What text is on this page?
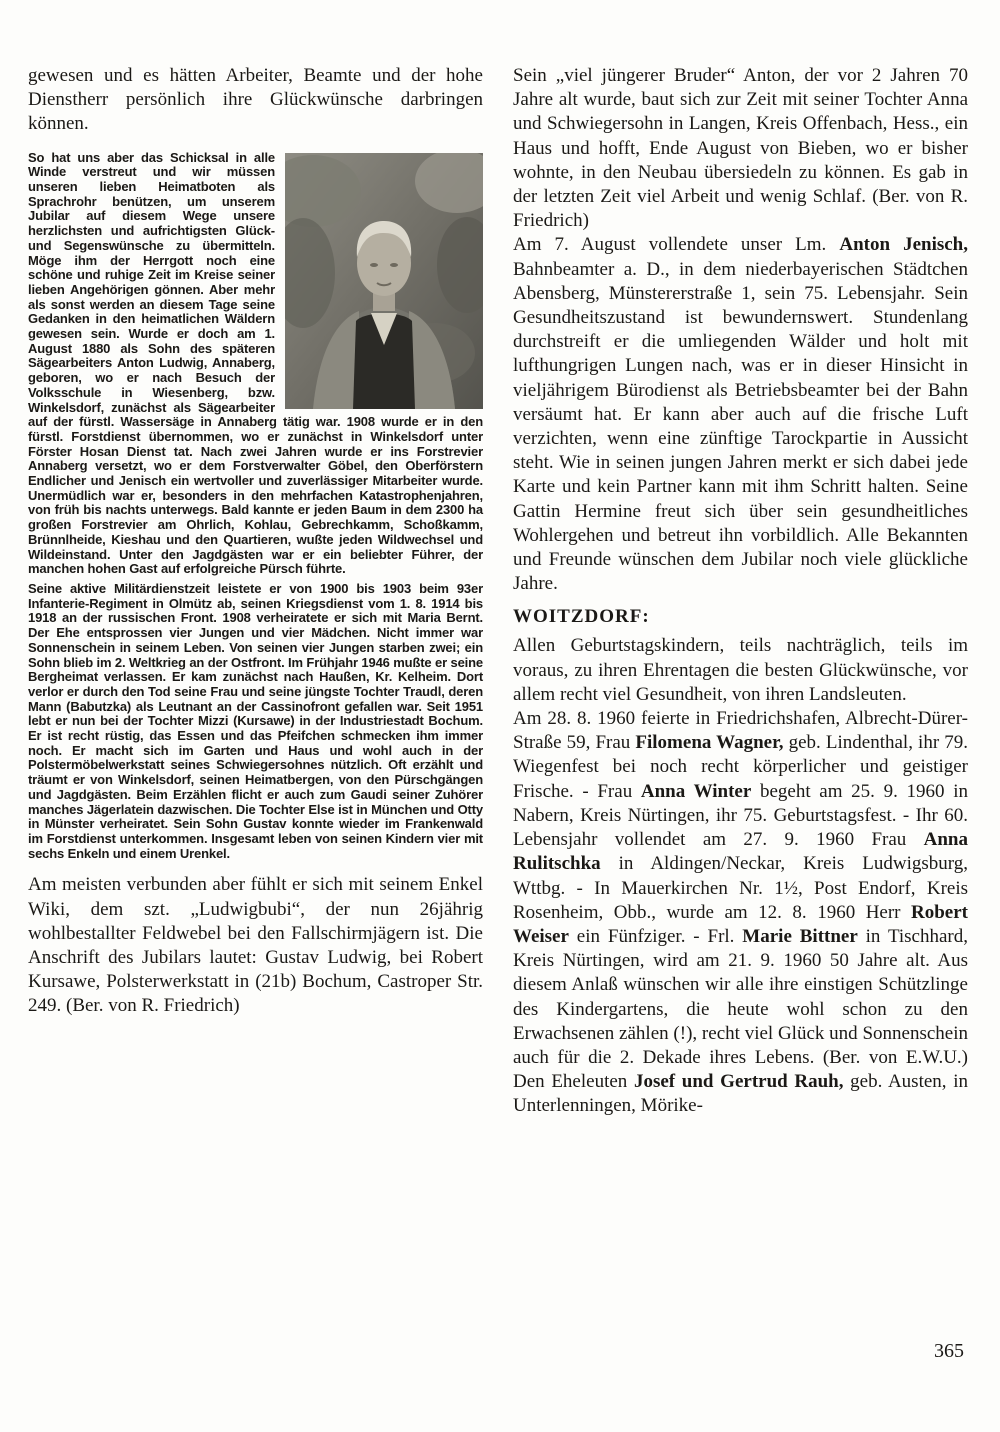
gewesen und es hätten Arbeiter, Beamte und der hohe Dienstherr persönlich ihre Glückwünsche darbringen können.

So hat uns aber das Schicksal in alle Winde verstreut und wir müssen unseren lieben Heimatboten als Sprachrohr benützen, um unserem Jubilar auf diesem Wege unsere herzlichsten und aufrichtigsten Glück- und Segenswünsche zu übermitteln. Möge ihm der Herrgott noch eine schöne und ruhige Zeit im Kreise seiner lieben Angehörigen gönnen. Aber mehr als sonst werden an diesem Tage seine Gedanken in den heimatlichen Wäldern gewesen sein. Wurde er doch am 1. August 1880 als Sohn des späteren Sägearbeiters Anton Ludwig, Annaberg, geboren, wo er nach Besuch der Volksschule in Wiesenberg, bzw. Winkelsdorf, zunächst als Sägearbeiter auf der fürstl. Wassersäge in Annaberg tätig war. 1908 wurde er in den fürstl. Forstdienst übernommen, wo er zunächst in Winkelsdorf unter Förster Hosan Dienst tat. Nach zwei Jahren wurde er ins Forstrevier Annaberg versetzt, wo er dem Forstverwalter Göbel, den Oberförstern Endlicher und Jenisch ein wertvoller und zuverlässiger Mitarbeiter wurde. Unermüdlich war er, besonders in den mehrfachen Katastrophenjahren, von früh bis nachts unterwegs. Bald kannte er jeden Baum in dem 2300 ha großen Forstrevier am Ohrlich, Kohlau, Gebrechkamm, Schoßkamm, Brünnlheide, Kieshau und den Quartieren, wußte jeden Wildwechsel und Wildeinstand. Unter den Jagdgästen war er ein beliebter Führer, der manchen hohen Gast auf erfolgreiche Pürsch führte.

Seine aktive Militärdienstzeit leistete er von 1900 bis 1903 beim 93er Infanterie-Regiment in Olmütz ab, seinen Kriegsdienst vom 1. 8. 1914 bis 1918 an der russischen Front. 1908 verheiratete er sich mit Maria Bernt. Der Ehe entsprossen vier Jungen und vier Mädchen. Nicht immer war Sonnenschein in seinem Leben. Von seinen vier Jungen starben zwei; ein Sohn blieb im 2. Weltkrieg an der Ostfront. Im Frühjahr 1946 mußte er seine Bergheimat verlassen. Er kam zunächst nach Haußen, Kr. Kelheim. Dort verlor er durch den Tod seine Frau und seine jüngste Tochter Traudl, deren Mann (Babutzka) als Leutnant an der Cassinofront gefallen war. Seit 1951 lebt er nun bei der Tochter Mizzi (Kursawe) in der Industriestadt Bochum. Er ist recht rüstig, das Essen und das Pfeifchen schmecken ihm immer noch. Er macht sich im Garten und Haus und wohl auch in der Polstermöbelwerkstatt seines Schwiegersohnes nützlich. Oft erzählt und träumt er von Winkelsdorf, seinen Heimatbergen, von den Pürschgängen und Jagdgästen. Beim Erzählen flicht er auch zum Gaudi seiner Zuhörer manches Jägerlatein dazwischen. Die Tochter Else ist in München und Otty in Münster verheiratet. Sein Sohn Gustav konnte wieder im Frankenwald im Forstdienst unterkommen. Insgesamt leben von seinen Kindern vier mit sechs Enkeln und einem Urenkel.

Am meisten verbunden aber fühlt er sich mit seinem Enkel Wiki, dem szt. „Ludwigbubi“, der nun 26jährig wohlbestallter Feldwebel bei den Fallschirmjägern ist. Die Anschrift des Jubilars lautet: Gustav Ludwig, bei Robert Kursawe, Polsterwerkstatt in (21b) Bochum, Castroper Str. 249. (Ber. von R. Friedrich)

Sein „viel jüngerer Bruder“ Anton, der vor 2 Jahren 70 Jahre alt wurde, baut sich zur Zeit mit seiner Tochter Anna und Schwiegersohn in Langen, Kreis Offenbach, Hess., ein Haus und hofft, Ende August von Bieben, wo er bisher wohnte, in den Neubau übersiedeln zu können. Es gab in der letzten Zeit viel Arbeit und wenig Schlaf. (Ber. von R. Friedrich)

Am 7. August vollendete unser Lm. Anton Jenisch, Bahnbeamter a. D., in dem niederbayerischen Städtchen Abensberg, Münstererstraße 1, sein 75. Lebensjahr. Sein Gesundheitszustand ist bewundernswert. Stundenlang durchstreift er die umliegenden Wälder und holt mit lufthungrigen Lungen nach, was er in dieser Hinsicht in vieljährigem Bürodienst als Betriebsbeamter bei der Bahn versäumt hat. Er kann aber auch auf die frische Luft verzichten, wenn eine zünftige Tarockpartie in Aussicht steht. Wie in seinen jungen Jahren merkt er sich dabei jede Karte und kein Partner kann mit ihm Schritt halten. Seine Gattin Hermine freut sich über sein gesundheitliches Wohlergehen und betreut ihn vorbildlich. Alle Bekannten und Freunde wünschen dem Jubilar noch viele glückliche Jahre.

WOITZDORF:

Allen Geburtstagskindern, teils nachträglich, teils im voraus, zu ihren Ehrentagen die besten Glückwünsche, vor allem recht viel Gesundheit, von ihren Landsleuten.

Am 28. 8. 1960 feierte in Friedrichshafen, Albrecht-Dürer-Straße 59, Frau Filomena Wagner, geb. Lindenthal, ihr 79. Wiegenfest bei noch recht körperlicher und geistiger Frische. - Frau Anna Winter begeht am 25. 9. 1960 in Nabern, Kreis Nürtingen, ihr 75. Geburtstagsfest. - Ihr 60. Lebensjahr vollendet am 27. 9. 1960 Frau Anna Rulitschka in Aldingen/Neckar, Kreis Ludwigsburg, Wttbg. - In Mauerkirchen Nr. 1½, Post Endorf, Kreis Rosenheim, Obb., wurde am 12. 8. 1960 Herr Robert Weiser ein Fünfziger. - Frl. Marie Bittner in Tischhard, Kreis Nürtingen, wird am 21. 9. 1960 50 Jahre alt. Aus diesem Anlaß wünschen wir alle ihre einstigen Schützlinge des Kindergartens, die heute wohl schon zu den Erwachsenen zählen (!), recht viel Glück und Sonnenschein auch für die 2. Dekade ihres Lebens. (Ber. von E.W.U.) Den Eheleuten Josef und Gertrud Rauh, geb. Austen, in Unterlenningen, Mörike-

365
